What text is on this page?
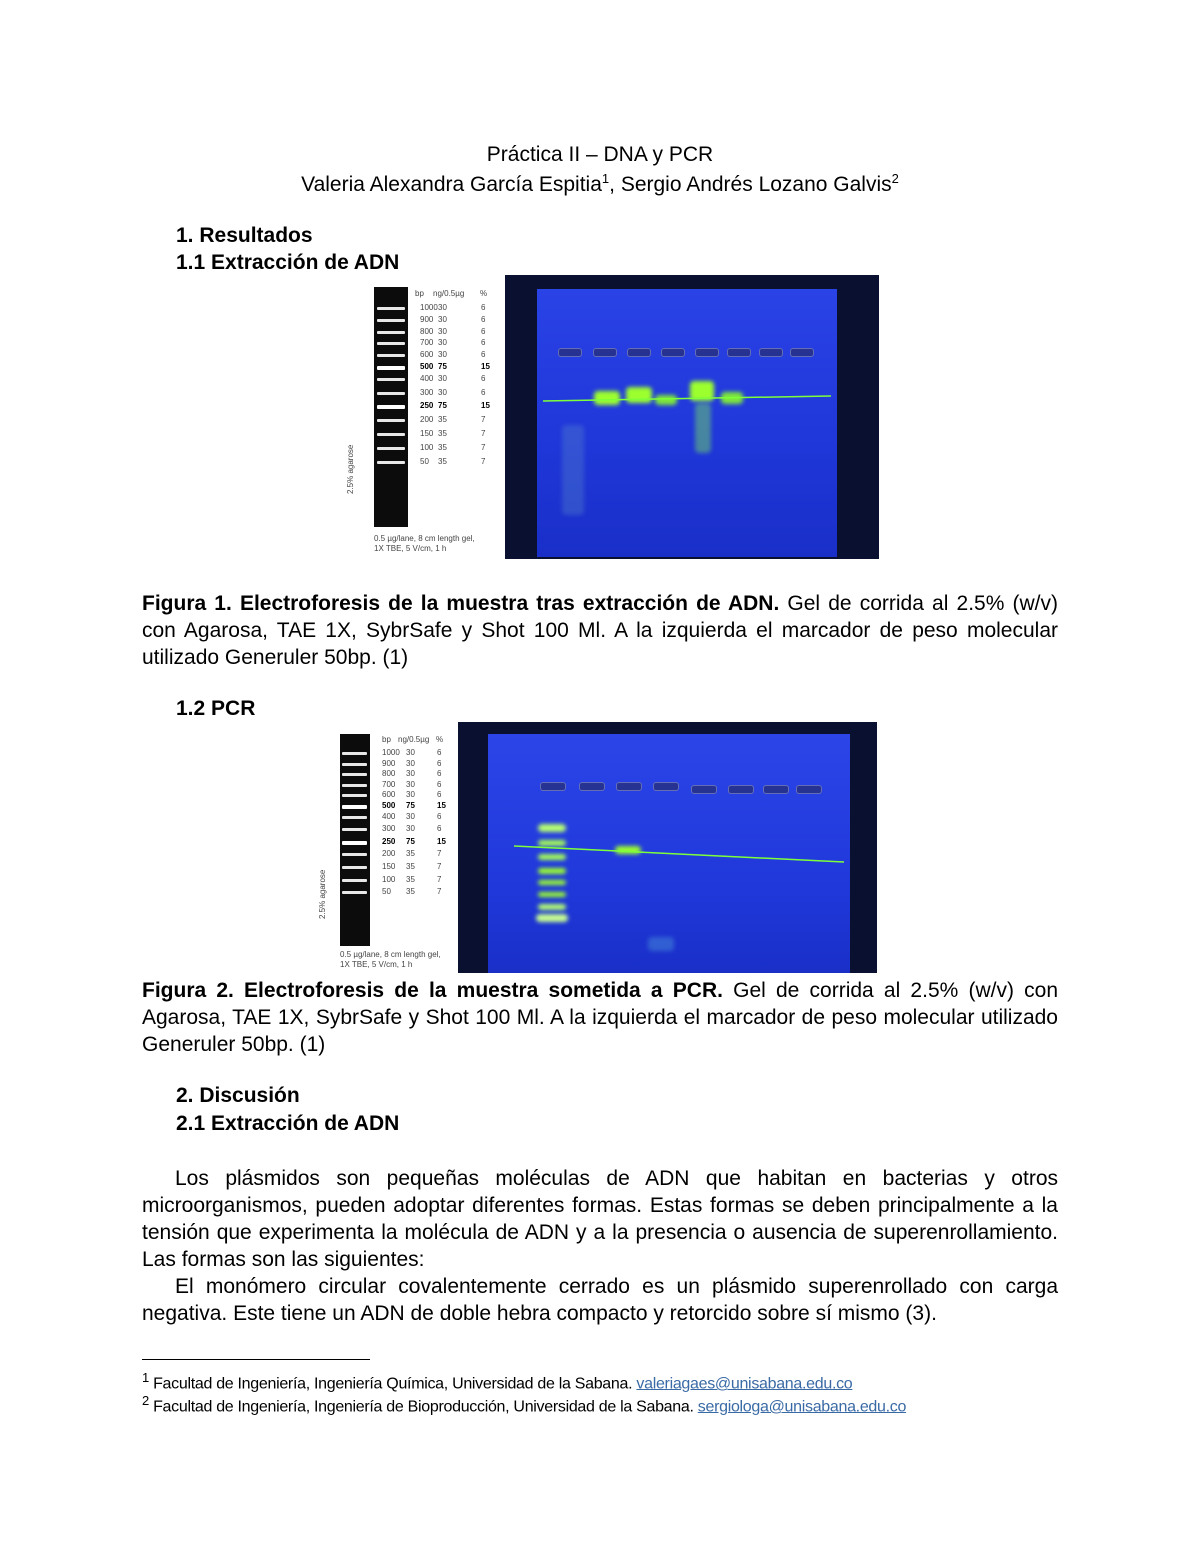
Práctica II – DNA y PCR
Valeria Alexandra García Espitia$^1$, Sergio Andrés Lozano Galvis$^2$
1. Resultados
1.1 Extracción de ADN
bp ng/0.5µg %
1000 30	6
900 30	6
800 30	6
700 30	6
600 30	6
500 75	15
400 30	6
300 30	6
250 75	15
200 35	7
150 35	7
100 35	7
50 35	7
2.5% agarose
0.5 µg/lane, 8 cm length gel,
1X TBE, 5 V/cm, 1 h
Figura 1. Electroforesis de la muestra tras extracción de ADN. Gel de corrida al 2.5% (w/v) con Agarosa, TAE 1X, SybrSafe y Shot 100 Ml. A la izquierda el marcador de peso molecular utilizado Generuler 50bp. (1)
1.2 PCR
bp ng/0.5µg %
1000 30	6
900 30	6
800 30	6
700 30	6
600 30	6
500 75	15
400 30	6
300 30	6
250 75	15
200 35	7
150 35	7
100 35	7
50 35	7
2.5% agarose
0.5 µg/lane, 8 cm length gel,
1X TBE, 5 V/cm, 1 h
Figura 2. Electroforesis de la muestra sometida a PCR. Gel de corrida al 2.5% (w/v) con Agarosa, TAE 1X, SybrSafe y Shot 100 Ml. A la izquierda el marcador de peso molecular utilizado Generuler 50bp. (1)
2. Discusión
2.1 Extracción de ADN
Los plásmidos son pequeñas moléculas de ADN que habitan en bacterias y otros microorganismos, pueden adoptar diferentes formas. Estas formas se deben principalmente a la tensión que experimenta la molécula de ADN y a la presencia o ausencia de superenrollamiento. Las formas son las siguientes:
El monómero circular covalentemente cerrado es un plásmido superenrollado con carga negativa. Este tiene un ADN de doble hebra compacto y retorcido sobre sí mismo (3).
$^1$ Facultad de Ingeniería, Ingeniería Química, Universidad de la Sabana. valeriagaes@unisabana.edu.co
$^2$ Facultad de Ingeniería, Ingeniería de Bioproducción, Universidad de la Sabana. sergiologa@unisabana.edu.co
